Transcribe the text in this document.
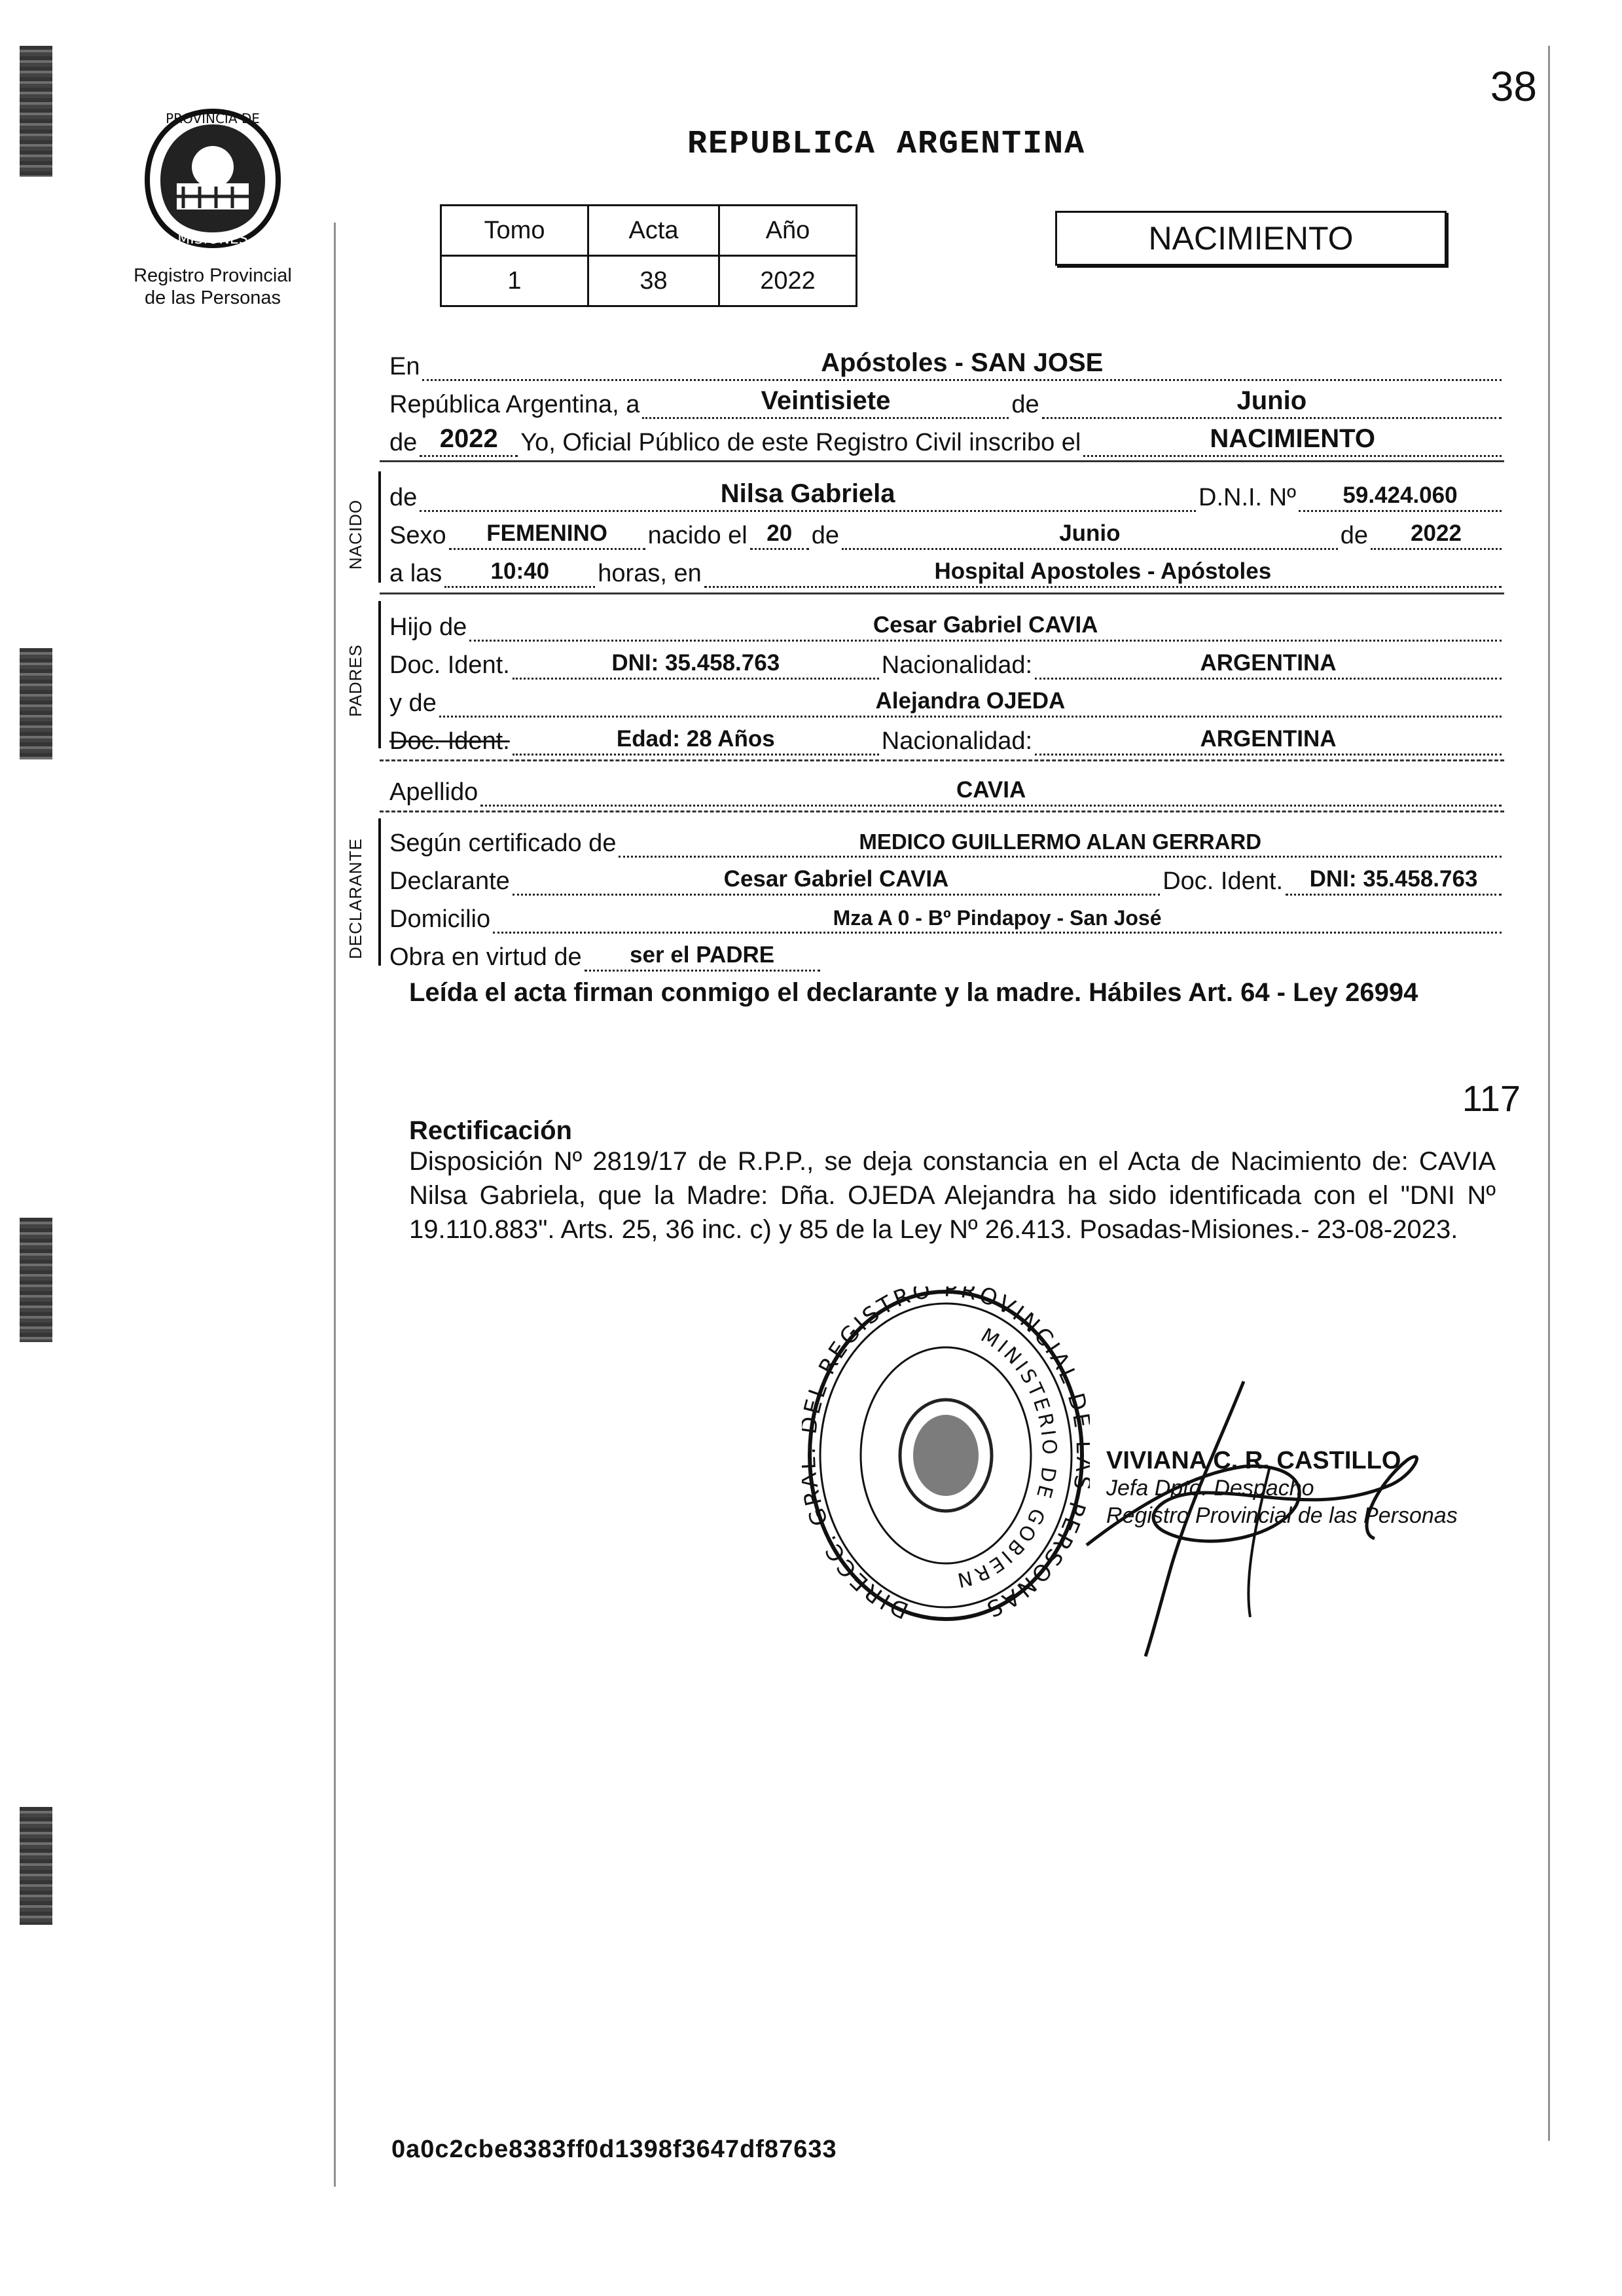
38
REPUBLICA ARGENTINA
PROVINCIA DE
MISIONES
Registro Provincial
de las Personas
Tomo	Acta	Año
1	38	2022
NACIMIENTO
En	Apóstoles - SAN JOSE
República Argentina, a	Veintisiete	de	Junio
de 2022 Yo, Oficial Público de este Registro Civil inscribo el	NACIMIENTO
NACIDO
de	Nilsa Gabriela	D.N.I. Nº	59.424.060
Sexo	FEMENINO	nacido el 20 de	Junio	de	2022
a las	10:40	horas, en	Hospital Apostoles - Apóstoles
PADRES
Hijo de	Cesar Gabriel CAVIA
Doc. Ident.	DNI: 35.458.763	Nacionalidad:	ARGENTINA
y de	Alejandra OJEDA
Doc. Ident.	Edad: 28 Años	Nacionalidad:	ARGENTINA
Apellido	CAVIA
DECLARANTE Según certificado de	MEDICO GUILLERMO ALAN GERRARD
Declarante	Cesar Gabriel CAVIA	Doc. Ident.	DNI: 35.458.763
Domicilio	Mza A 0 - Bº Pindapoy - San José
Obra en virtud de	ser el PADRE
Leída el acta firman conmigo el declarante y la madre. Hábiles Art. 64 - Ley 26994
117
Rectificación
Disposición Nº 2819/17 de R.P.P., se deja constancia en el Acta de Nacimiento de: CAVIA Nilsa Gabriela, que la Madre: Dña. OJEDA Alejandra ha sido identificada con el "DNI Nº 19.110.883". Arts. 25, 36 inc. c) y 85 de la Ley Nº 26.413. Posadas-Misiones.- 23-08-2023.
DIRECC. G EL REGISTRO PROVINCIAL D PERSONAS
MINISTERIO DE GOBIERN
VIVIANA C. R. CASTILLO
Jefa Dpto. Despacho
Registro Provincial de las Personas
0a0c2cbe8383ff0d1398f3647df87633
